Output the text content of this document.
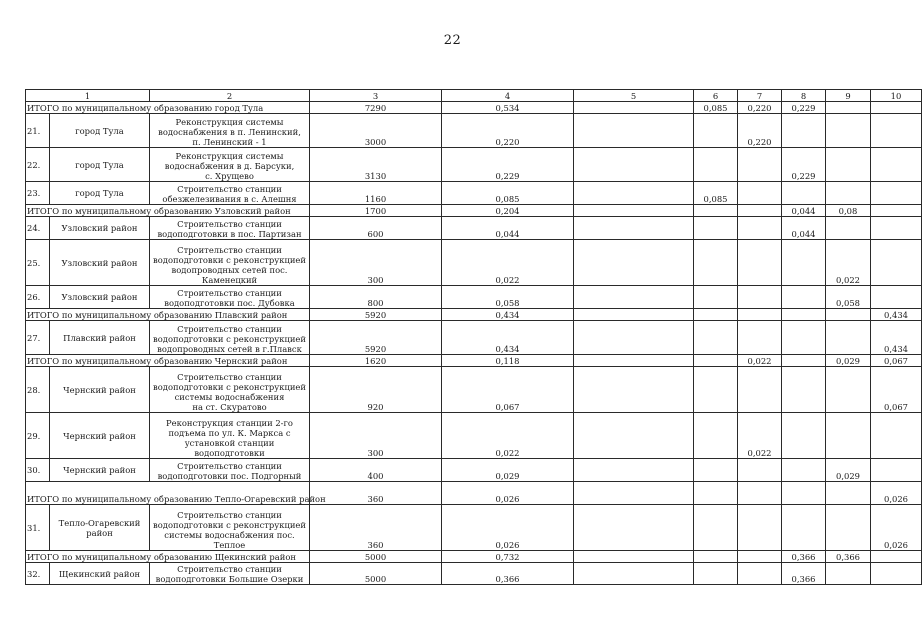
22
1		2	3	4	5	6	7	8	9	10
ИТОГО по муниципальному образованию город Тула			7290	0,534		0,085	0,220	0,229		
21.	город Тула	Реконструкция системы
водоснабжения в п. Ленинский,
п. Ленинский - 1	3000	0,220			0,220			
22.	город Тула	Реконструкция системы
водоснабжения в д. Барсуки,
с. Хрущево	3130	0,229				0,229		
23.	город Тула	Строительство станции
обезжелезивания в с. Алешня	1160	0,085		0,085				
ИТОГО по муниципальному образованию Узловский район			1700	0,204				0,044	0,08	
24.	Узловский район	Строительство станции
водоподготовки в пос. Партизан	600	0,044				0,044		
25.	Узловский район	Строительство станции
водоподготовки с реконструкцией
водопроводных сетей пос.
Каменецкий	300	0,022					0,022	
26.	Узловский район	Строительство станции
водоподготовки пос. Дубовка	800	0,058					0,058	
ИТОГО по муниципальному образованию Плавский район			5920	0,434						0,434
27.	Плавский район	Строительство станции
водоподготовки с реконструкцией
водопроводных сетей в г.Плавск	5920	0,434						0,434
ИТОГО по муниципальному образованию Чернский район			1620	0,118			0,022		0,029	0,067
28.	Чернский район	Строительство станции
водоподготовки с реконструкцией
системы водоснабжения
на ст. Скуратово	920	0,067						0,067
29.	Чернский район	Реконструкция станции 2-го
подъема по ул. К. Маркса с
установкой станции
водоподготовки	300	0,022			0,022			
30.	Чернский район	Строительство станции
водоподготовки пос. Подгорный	400	0,029					0,029	
ИТОГО по муниципальному образованию Тепло-Огаревский район			360	0,026						0,026
31.	Тепло-Огаревский район	Строительство станции
водоподготовки с реконструкцией
системы водоснабжения пос.
Теплое	360	0,026						0,026
ИТОГО по муниципальному образованию Щекинский район			5000	0,732				0,366	0,366	
32.	Щекинский район	Строительство станции
водоподготовки Большие Озерки	5000	0,366				0,366		
